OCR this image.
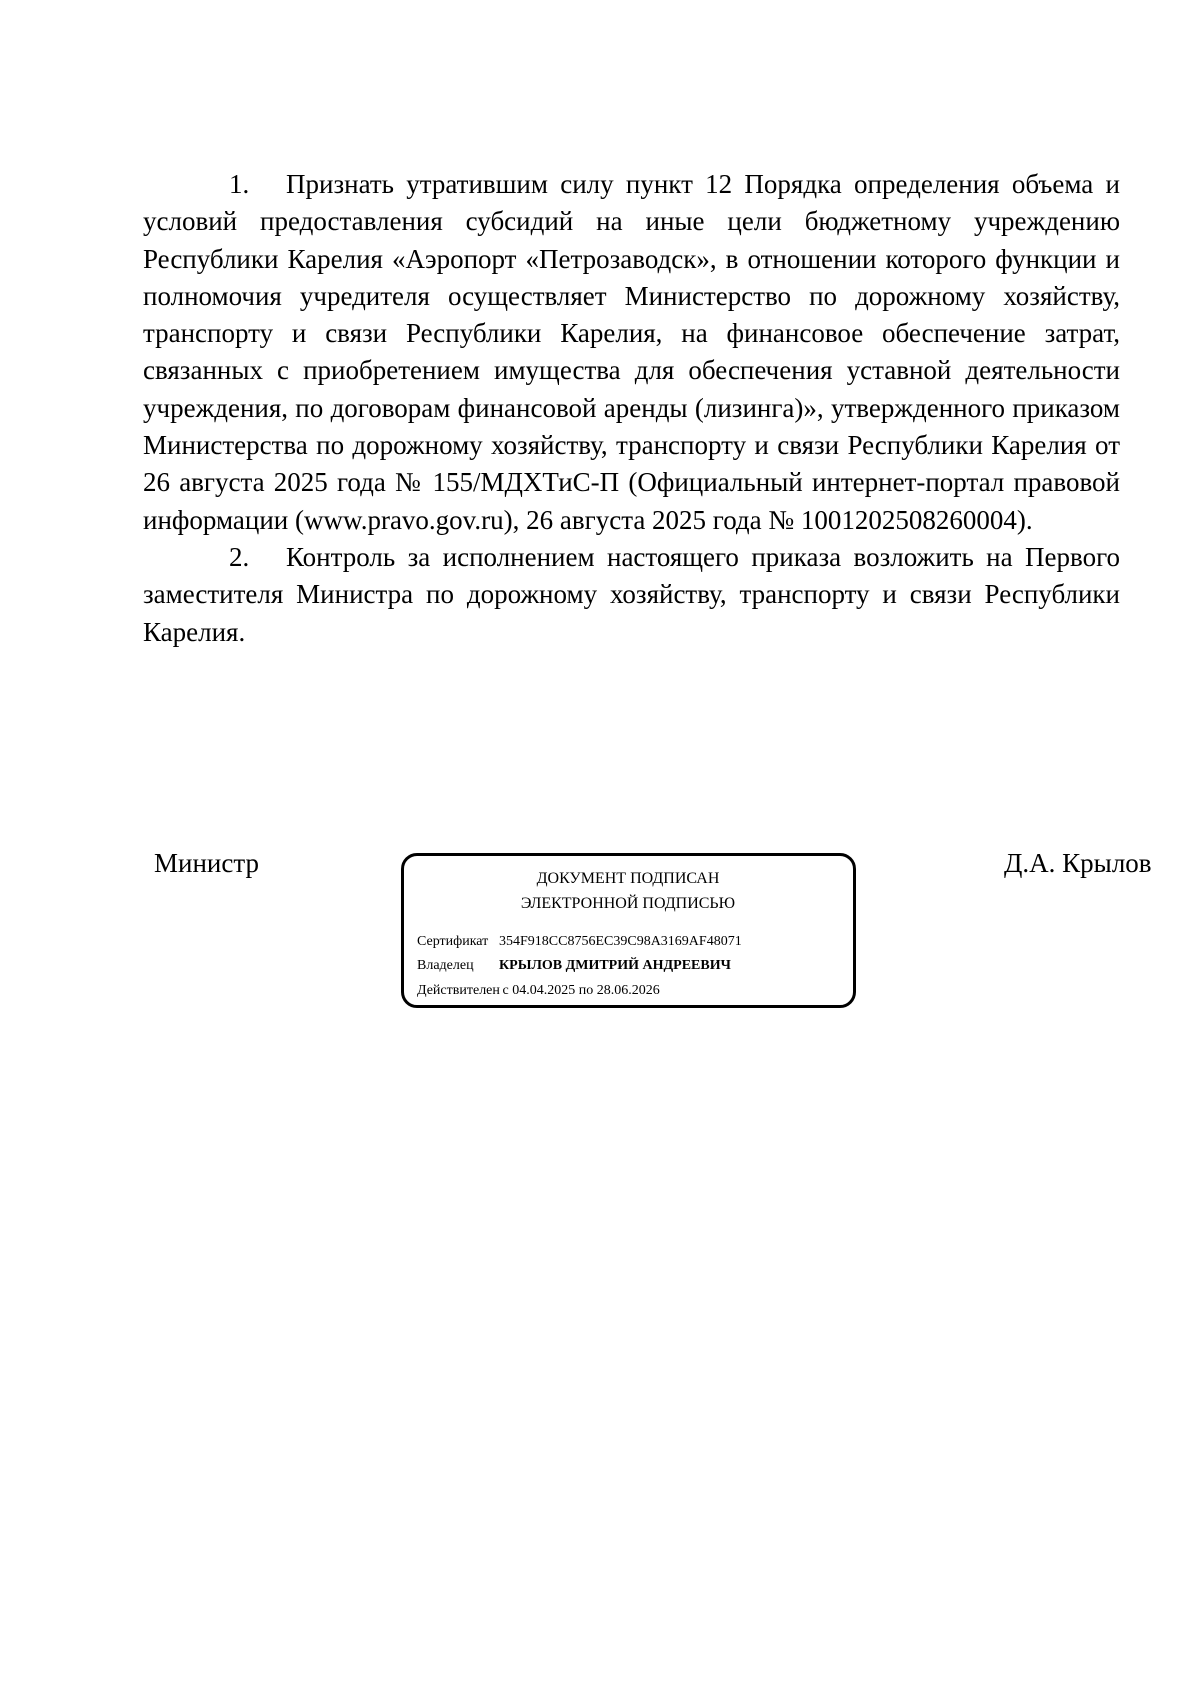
1. Признать утратившим силу пункт 12 Порядка определения объема и условий предоставления субсидий на иные цели бюджетному учреждению Республики Карелия «Аэропорт «Петрозаводск», в отношении которого функции и полномочия учредителя осуществляет Министерство по дорожному хозяйству, транспорту и связи Республики Карелия, на финансовое обеспечение затрат, связанных с приобретением имущества для обеспечения уставной деятельности учреждения, по договорам финансовой аренды (лизинга)», утвержденного приказом Министерства по дорожному хозяйству, транспорту и связи Республики Карелия от 26 августа 2025 года № 155/МДХТиС-П (Официальный интернет-портал правовой информации (www.pravo.gov.ru), 26 августа 2025 года № 1001202508260004).

2. Контроль за исполнением настоящего приказа возложить на Первого заместителя Министра по дорожному хозяйству, транспорту и связи Республики Карелия.

Министр
ДОКУМЕНТ ПОДПИСАН
ЭЛЕКТРОННОЙ ПОДПИСЬЮ
Сертификат 354F918CC8756EC39C98A3169AF48071
Владелец КРЫЛОВ ДМИТРИЙ АНДРЕЕВИЧ
Действителен с 04.04.2025 по 28.06.2026
Д.А. Крылов
